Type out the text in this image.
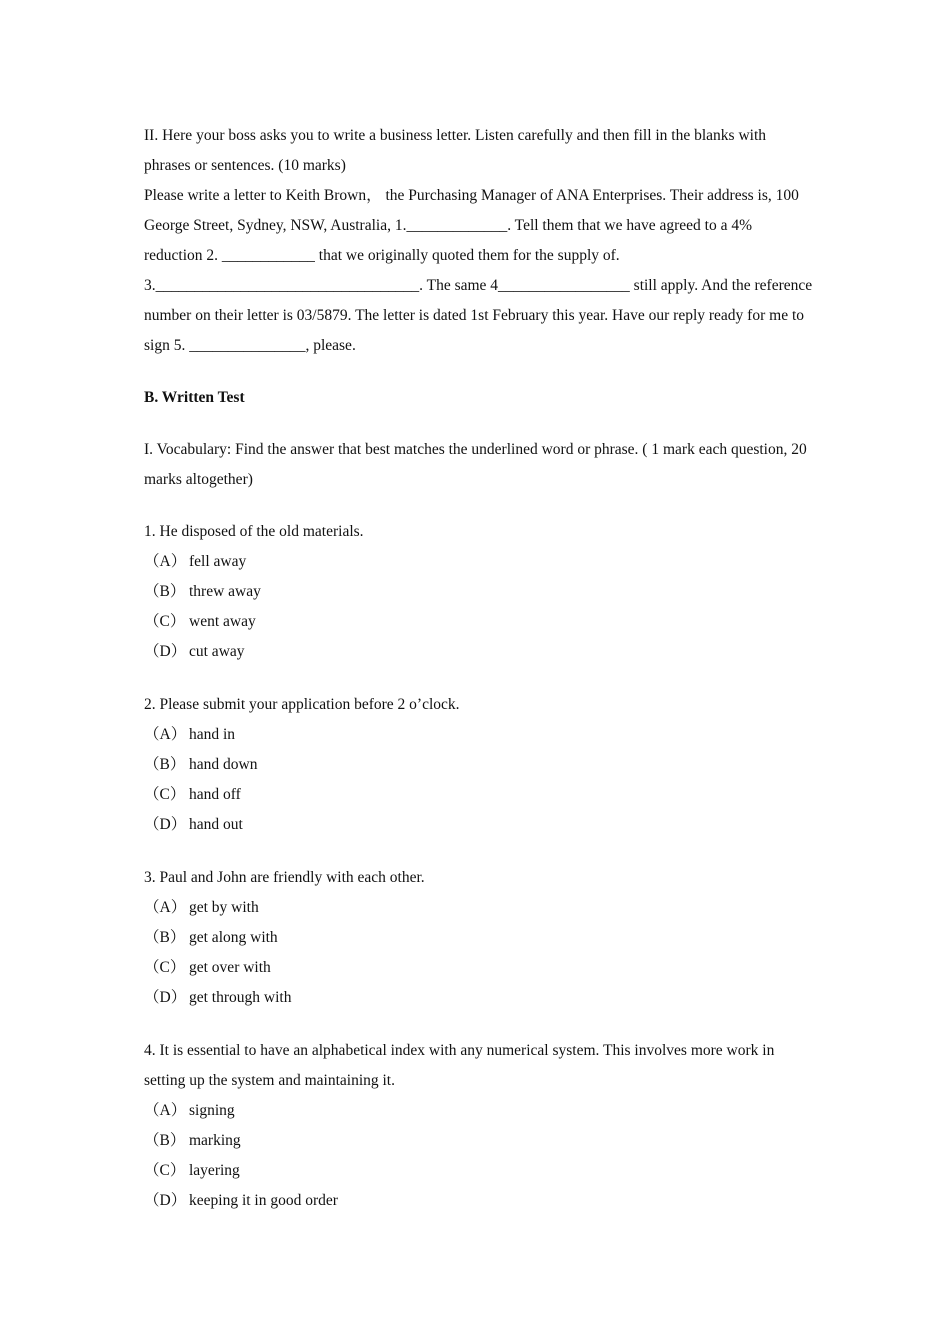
II. Here your boss asks you to write a business letter. Listen carefully and then fill in the blanks with phrases or sentences. (10 marks)

Please write a letter to Keith Brown， the Purchasing Manager of ANA Enterprises. Their address is, 100 George Street, Sydney, NSW, Australia, 1._____________. Tell them that we have agreed to a 4% reduction 2. ____________ that we originally quoted them for the supply of. 3.__________________________________. The same 4_________________ still apply. And the reference number on their letter is 03/5879. The letter is dated 1st February this year. Have our reply ready for me to sign 5. _______________, please.

B. Written Test

I. Vocabulary: Find the answer that best matches the underlined word or phrase. ( 1 mark each question, 20 marks altogether)

1. He disposed of the old materials.

（A） fell away
（B） threw away
（C） went away
（D） cut away

2. Please submit your application before 2 o’clock.

（A） hand in
（B） hand down
（C） hand off
（D） hand out

3. Paul and John are friendly with each other.

（A） get by with
（B） get along with
（C） get over with
（D） get through with

4. It is essential to have an alphabetical index with any numerical system. This involves more work in setting up the system and maintaining it.

（A） signing
（B） marking
（C） layering
（D） keeping it in good order
